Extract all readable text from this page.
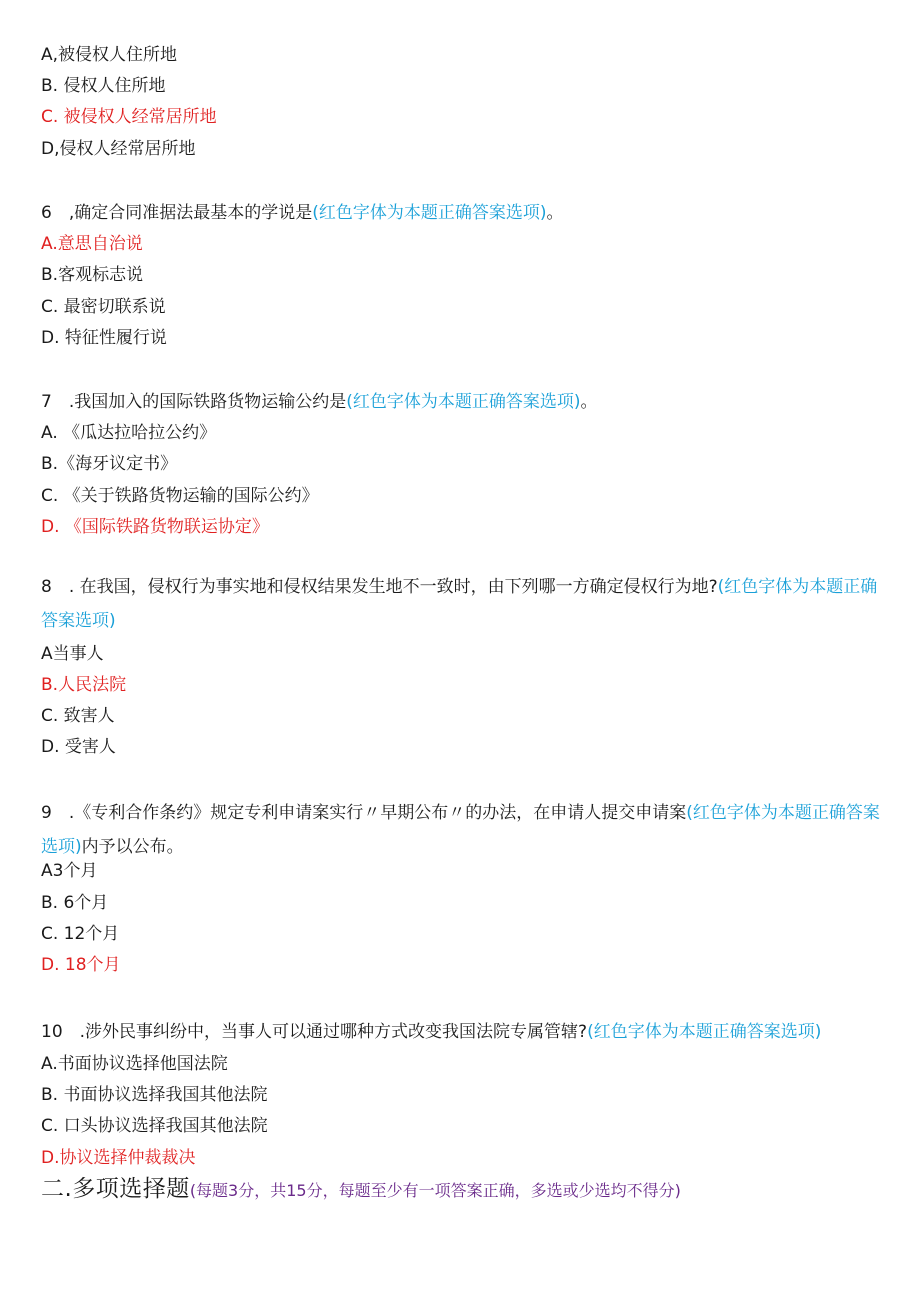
A,被侵权人住所地
B. 侵权人住所地
C. 被侵权人经常居所地
D,侵权人经常居所地
6　,确定合同准据法最基本的学说是(红色字体为本题正确答案选项)。
A.意思自治说
B.客观标志说
C. 最密切联系说
D. 特征性履行说
7　.我国加入的国际铁路货物运输公约是(红色字体为本题正确答案选项)。
A. 《瓜达拉哈拉公约》
B.《海牙议定书》
C. 《关于铁路货物运输的国际公约》
D. 《国际铁路货物联运协定》
8　. 在我国，侵权行为事实地和侵权结果发生地不一致时，由下列哪一方确定侵权行为地?(红色字体为本题正确答案选项)
A当事人
B.人民法院
C. 致害人
D. 受害人
9　.《专利合作条约》规定专利申请案实行〃早期公布〃的办法，在申请人提交申请案(红色字体为本题正确答案选项)内予以公布。
A3个月
B. 6个月
C. 12个月
D. 18个月
10　.涉外民事纠纷中，当事人可以通过哪种方式改变我国法院专属管辖?(红色字体为本题正确答案选项)
A.书面协议选择他国法院
B. 书面协议选择我国其他法院
C. 口头协议选择我国其他法院
D.协议选择仲裁裁决
二.多项选择题(每题3分，共15分，每题至少有一项答案正确，多选或少选均不得分)
